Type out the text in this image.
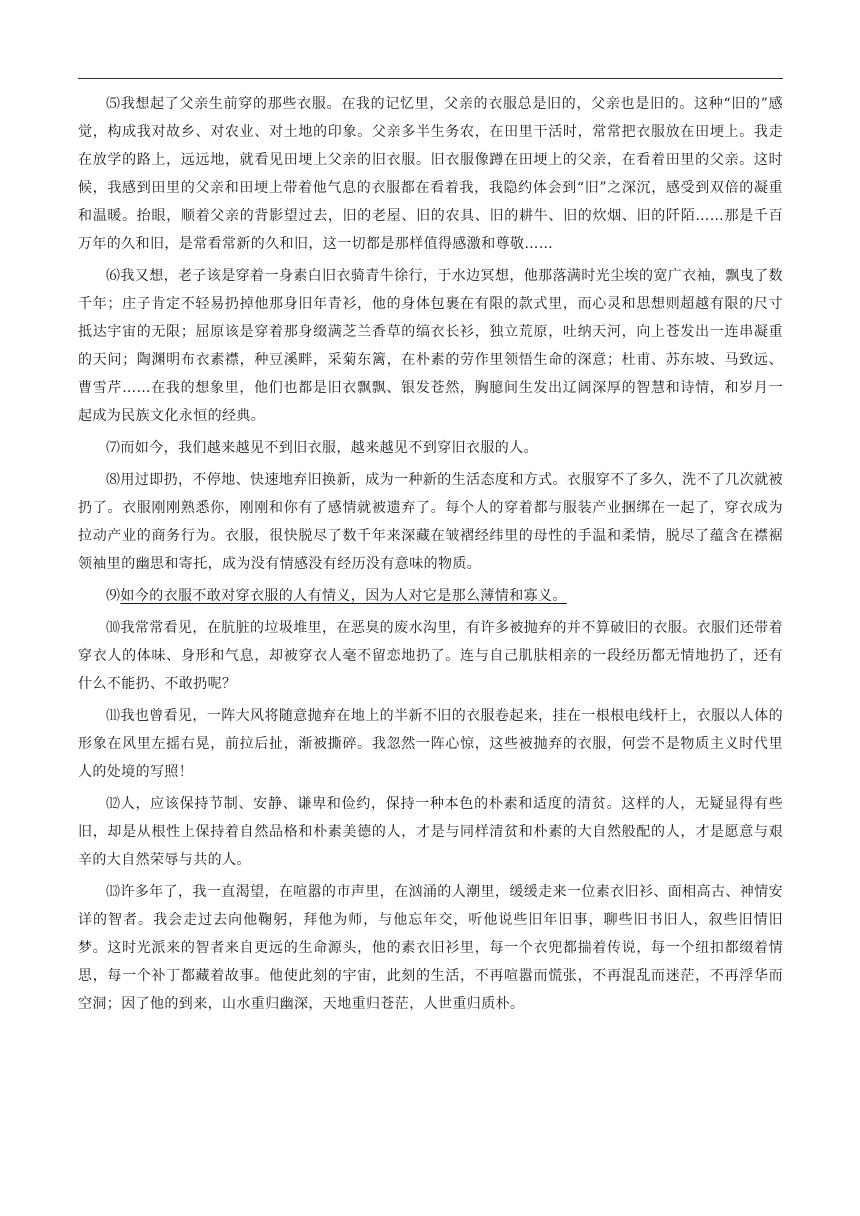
⑸我想起了父亲生前穿的那些衣服。在我的记忆里，父亲的衣服总是旧的，父亲也是旧的。这种“旧的”感觉，构成我对故乡、对农业、对土地的印象。父亲多半生务农，在田里干活时，常常把衣服放在田埂上。我走在放学的路上，远远地，就看见田埂上父亲的旧衣服。旧衣服像蹲在田埂上的父亲，在看着田里的父亲。这时候，我感到田里的父亲和田埂上带着他气息的衣服都在看着我，我隐约体会到“旧”之深沉，感受到双倍的凝重和温暖。抬眼，顺着父亲的背影望过去，旧的老屋、旧的农具、旧的耕牛、旧的炊烟、旧的阡陌……那是千百万年的久和旧，是常看常新的久和旧，这一切都是那样值得感激和尊敬……

⑹我又想，老子该是穿着一身素白旧衣骑青牛徐行，于水边冥想，他那落满时光尘埃的宽广衣袖，飘曳了数千年；庄子肯定不轻易扔掉他那身旧年青衫，他的身体包裹在有限的款式里，而心灵和思想则超越有限的尺寸抵达宇宙的无限；屈原该是穿着那身缀满芝兰香草的缟衣长衫，独立荒原，吐纳天河，向上苍发出一连串凝重的天问；陶渊明布衣素襟，种豆溪畔，采菊东篱，在朴素的劳作里领悟生命的深意；杜甫、苏东坡、马致远、曹雪芹……在我的想象里，他们也都是旧衣飘飘、银发苍然，胸臆间生发出辽阔深厚的智慧和诗情，和岁月一起成为民族文化永恒的经典。

⑺而如今，我们越来越见不到旧衣服，越来越见不到穿旧衣服的人。

⑻用过即扔，不停地、快速地弃旧换新，成为一种新的生活态度和方式。衣服穿不了多久，洗不了几次就被扔了。衣服刚刚熟悉你，刚刚和你有了感情就被遗弃了。每个人的穿着都与服装产业捆绑在一起了，穿衣成为拉动产业的商务行为。衣服，很快脱尽了数千年来深藏在皱褶经纬里的母性的手温和柔情，脱尽了蕴含在襟裾领袖里的幽思和寄托，成为没有情感没有经历没有意味的物质。

⑼如今的衣服不敢对穿衣服的人有情义，因为人对它是那么薄情和寡义。

⑽我常常看见，在肮脏的垃圾堆里，在恶臭的废水沟里，有许多被抛弃的并不算破旧的衣服。衣服们还带着穿衣人的体味、身形和气息，却被穿衣人毫不留恋地扔了。连与自己肌肤相亲的一段经历都无情地扔了，还有什么不能扔、不敢扔呢？

⑾我也曾看见，一阵大风将随意抛弃在地上的半新不旧的衣服卷起来，挂在一根根电线杆上，衣服以人体的形象在风里左摇右晃，前拉后扯，渐被撕碎。我忽然一阵心惊，这些被抛弃的衣服，何尝不是物质主义时代里人的处境的写照！

⑿人，应该保持节制、安静、谦卑和俭约，保持一种本色的朴素和适度的清贫。这样的人，无疑显得有些旧，却是从根性上保持着自然品格和朴素美德的人，才是与同样清贫和朴素的大自然般配的人，才是愿意与艰辛的大自然荣辱与共的人。

⒀许多年了，我一直渴望，在喧嚣的市声里，在汹涌的人潮里，缓缓走来一位素衣旧衫、面相高古、神情安详的智者。我会走过去向他鞠躬，拜他为师，与他忘年交，听他说些旧年旧事，聊些旧书旧人，叙些旧情旧梦。这时光派来的智者来自更远的生命源头，他的素衣旧衫里，每一个衣兜都揣着传说，每一个纽扣都缀着情思，每一个补丁都藏着故事。他使此刻的宇宙，此刻的生活，不再喧嚣而慌张，不再混乱而迷茫，不再浮华而空洞；因了他的到来，山水重归幽深，天地重归苍茫，人世重归质朴。
